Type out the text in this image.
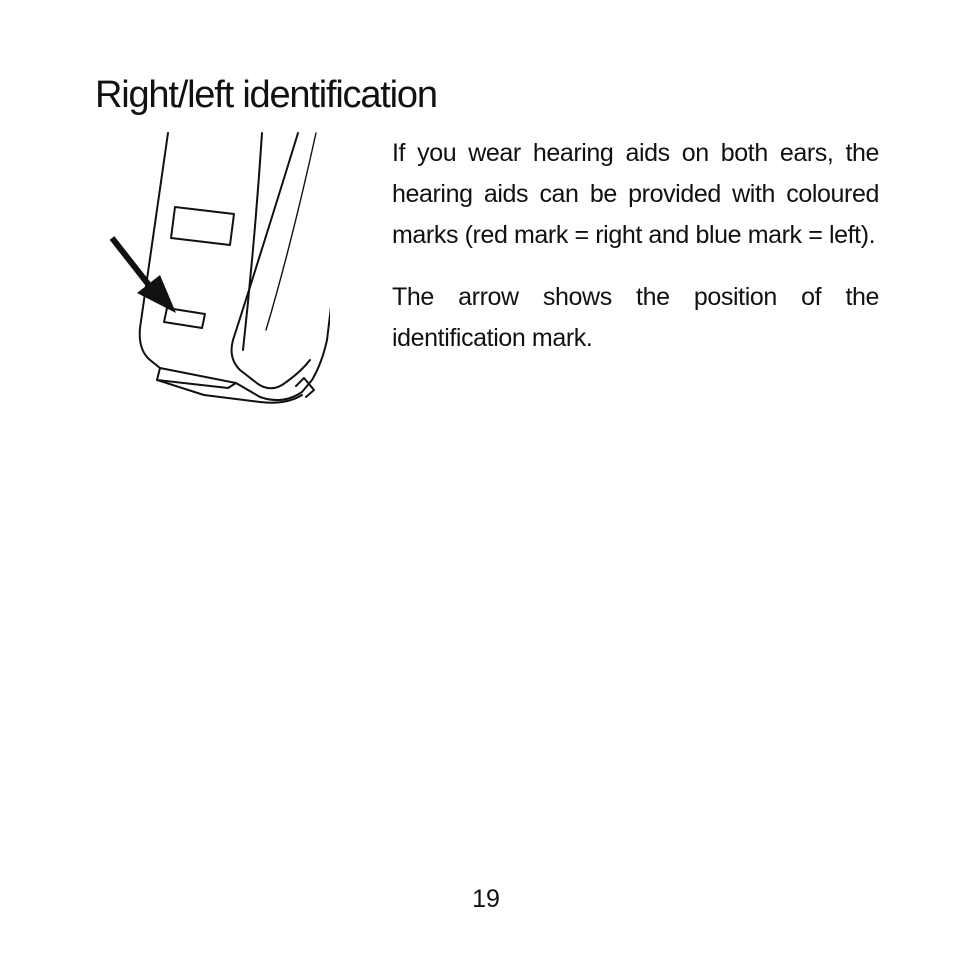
Right/left identification

If you wear hearing aids on both ears, the hearing aids can be provided with coloured marks (red mark = right and blue mark = left).

The arrow shows the position of the identification mark.

19
